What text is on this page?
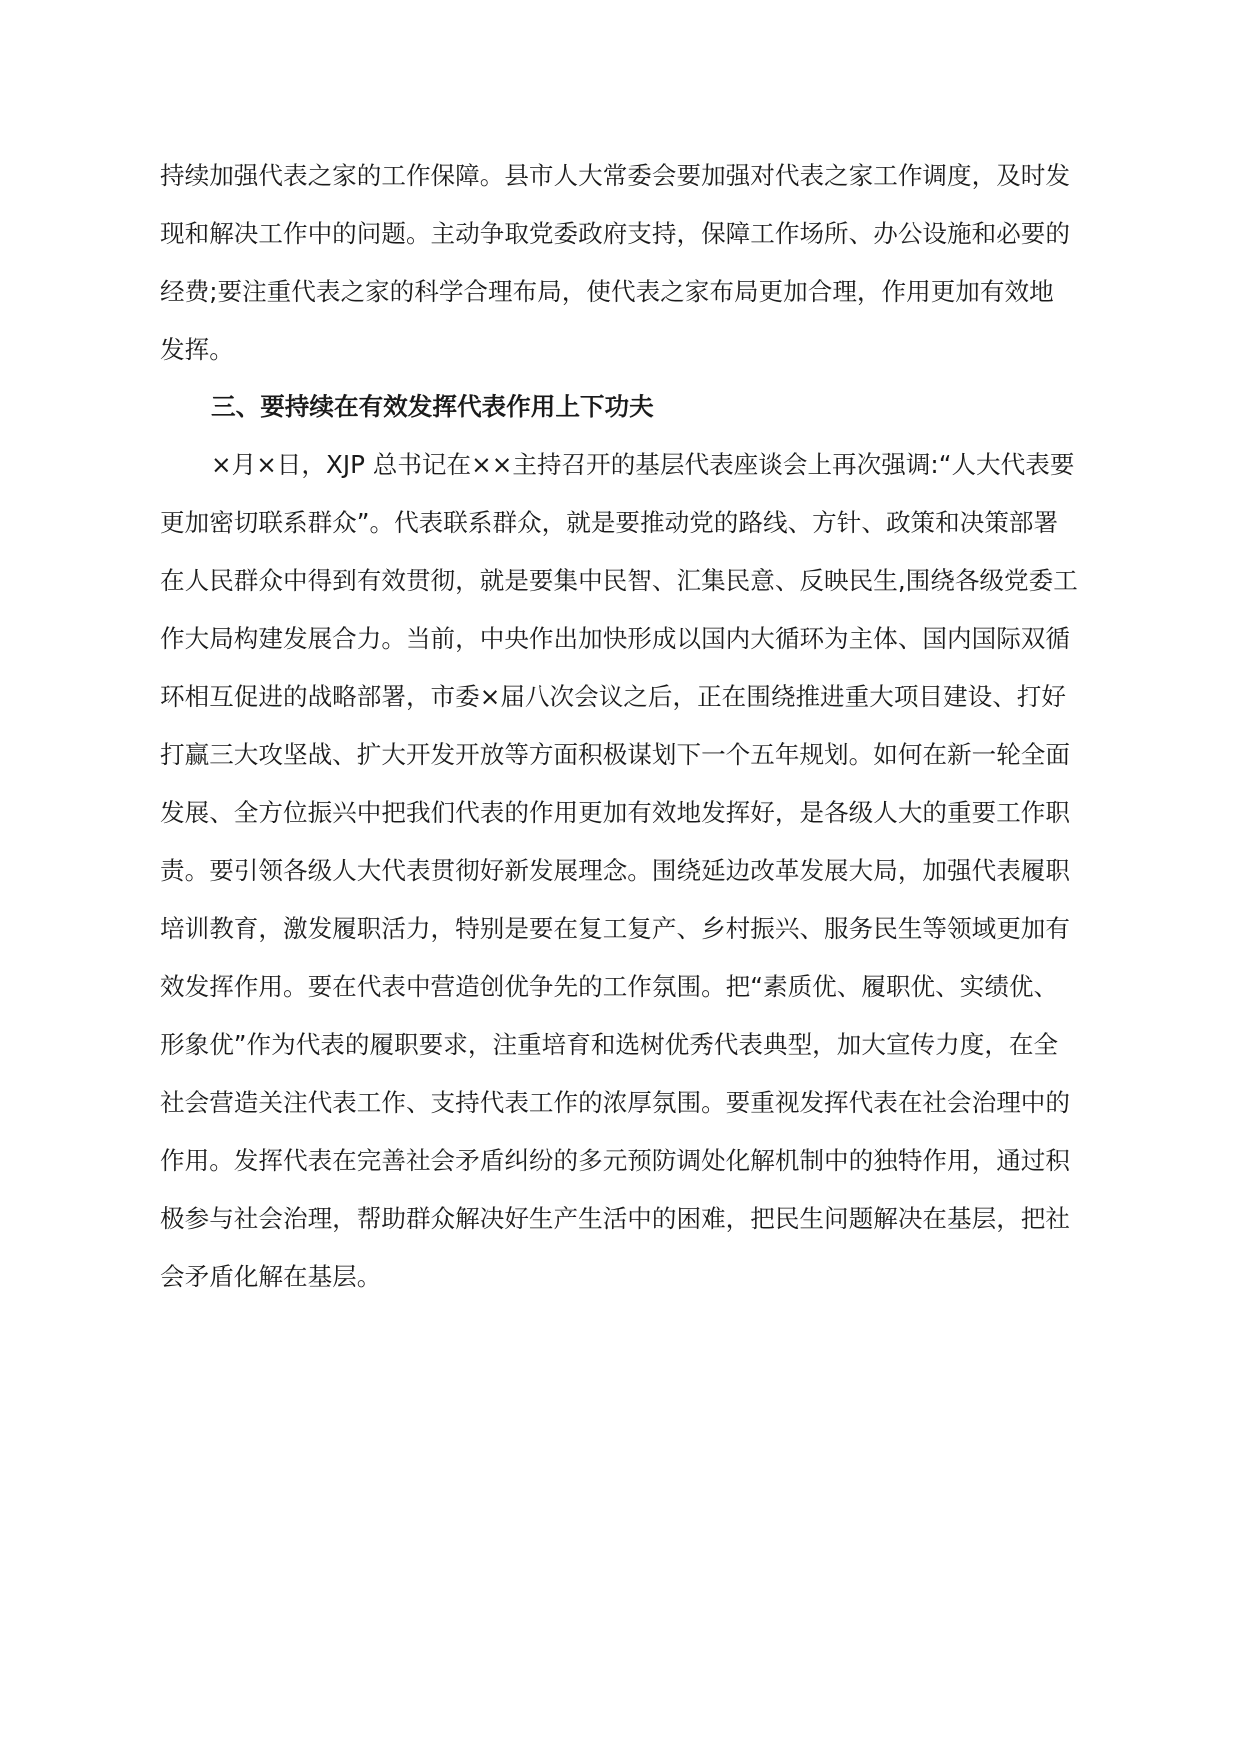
持续加强代表之家的工作保障。县市人大常委会要加强对代表之家工作调度，及时发
现和解决工作中的问题。主动争取党委政府支持，保障工作场所、办公设施和必要的
经费;要注重代表之家的科学合理布局，使代表之家布局更加合理，作用更加有效地
发挥。
三、要持续在有效发挥代表作用上下功夫
×月×日，XJP 总书记在××主持召开的基层代表座谈会上再次强调:“人大代表要
更加密切联系群众”。代表联系群众，就是要推动党的路线、方针、政策和决策部署
在人民群众中得到有效贯彻，就是要集中民智、汇集民意、反映民生,围绕各级党委工
作大局构建发展合力。当前，中央作出加快形成以国内大循环为主体、国内国际双循
环相互促进的战略部署，市委×届八次会议之后，正在围绕推进重大项目建设、打好
打赢三大攻坚战、扩大开发开放等方面积极谋划下一个五年规划。如何在新一轮全面
发展、全方位振兴中把我们代表的作用更加有效地发挥好，是各级人大的重要工作职
责。要引领各级人大代表贯彻好新发展理念。围绕延边改革发展大局，加强代表履职
培训教育，激发履职活力，特别是要在复工复产、乡村振兴、服务民生等领域更加有
效发挥作用。要在代表中营造创优争先的工作氛围。把“素质优、履职优、实绩优、
形象优”作为代表的履职要求，注重培育和选树优秀代表典型，加大宣传力度，在全
社会营造关注代表工作、支持代表工作的浓厚氛围。要重视发挥代表在社会治理中的
作用。发挥代表在完善社会矛盾纠纷的多元预防调处化解机制中的独特作用，通过积
极参与社会治理，帮助群众解决好生产生活中的困难，把民生问题解决在基层，把社
会矛盾化解在基层。
